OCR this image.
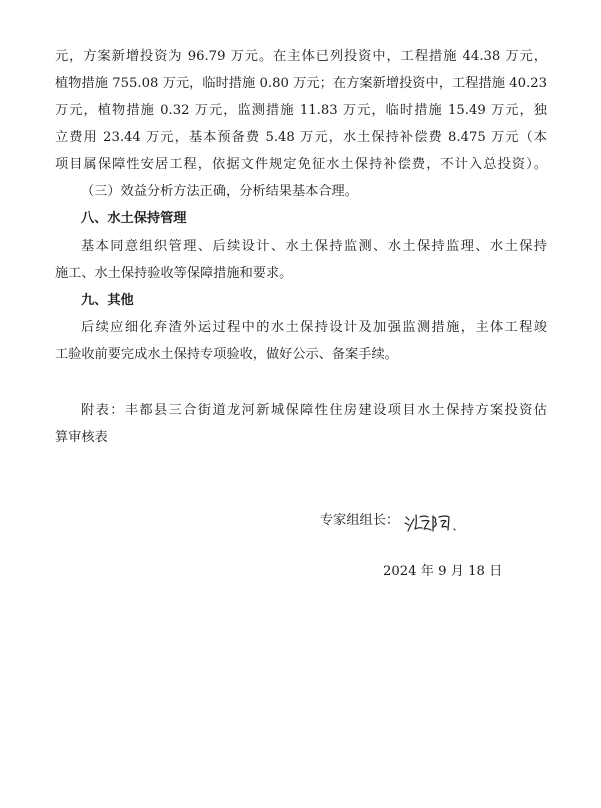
元，方案新增投资为 96.79 万元。在主体已列投资中，工程措施 44.38 万元，
植物措施 755.08 万元，临时措施 0.80 万元；在方案新增投资中，工程措施 40.23
万元，植物措施 0.32 万元，监测措施 11.83 万元，临时措施 15.49 万元，独
立费用 23.44 万元，基本预备费 5.48 万元，水土保持补偿费 8.475 万元（本
项目属保障性安居工程，依据文件规定免征水土保持补偿费，不计入总投资）。
（三）效益分析方法正确，分析结果基本合理。
八、水土保持管理
基本同意组织管理、后续设计、水土保持监测、水土保持监理、水土保持
施工、水土保持验收等保障措施和要求。
九、其他
后续应细化弃渣外运过程中的水土保持设计及加强监测措施，主体工程竣
工验收前要完成水土保持专项验收，做好公示、备案手续。
附表：丰都县三合街道龙河新城保障性住房建设项目水土保持方案投资估
算审核表
专家组组长：
2024 年 9 月 18 日
